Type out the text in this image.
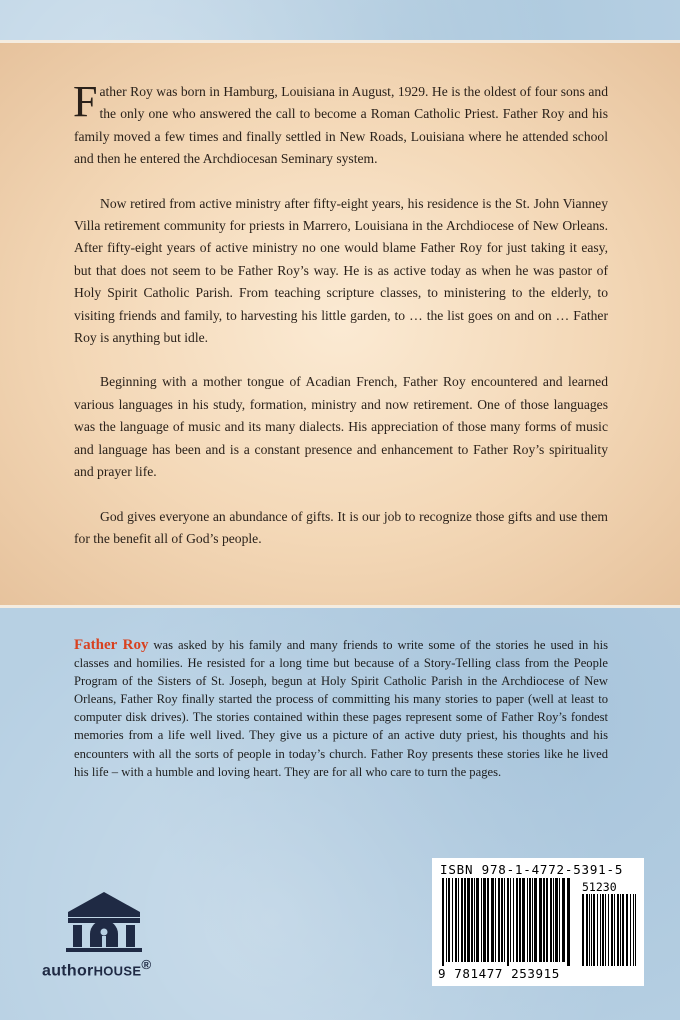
Father Roy was born in Hamburg, Louisiana in August, 1929. He is the oldest of four sons and the only one who answered the call to become a Roman Catholic Priest. Father Roy and his family moved a few times and finally settled in New Roads, Louisiana where he attended school and then he entered the Archdiocesan Seminary system.

Now retired from active ministry after fifty-eight years, his residence is the St. John Vianney Villa retirement community for priests in Marrero, Louisiana in the Archdiocese of New Orleans. After fifty-eight years of active ministry no one would blame Father Roy for just taking it easy, but that does not seem to be Father Roy’s way. He is as active today as when he was pastor of Holy Spirit Catholic Parish. From teaching scripture classes, to ministering to the elderly, to visiting friends and family, to harvesting his little garden, to … the list goes on and on … Father Roy is anything but idle.

Beginning with a mother tongue of Acadian French, Father Roy encountered and learned various languages in his study, formation, ministry and now retirement. One of those languages was the language of music and its many dialects. His appreciation of those many forms of music and language has been and is a constant presence and enhancement to Father Roy’s spirituality and prayer life.

God gives everyone an abundance of gifts. It is our job to recognize those gifts and use them for the benefit all of God’s people.

Father Roy was asked by his family and many friends to write some of the stories he used in his classes and homilies. He resisted for a long time but because of a Story-Telling class from the People Program of the Sisters of St. Joseph, begun at Holy Spirit Catholic Parish in the Archdiocese of New Orleans, Father Roy finally started the process of committing his many stories to paper (well at least to computer disk drives). The stories contained within these pages represent some of Father Roy’s fondest memories from a life well lived. They give us a picture of an active duty priest, his thoughts and his encounters with all the sorts of people in today’s church. Father Roy presents these stories like he lived his life – with a humble and loving heart. They are for all who care to turn the pages.
authorHOUSE®
ISBN 978-1-4772-5391-5
51230
9 781477 253915
